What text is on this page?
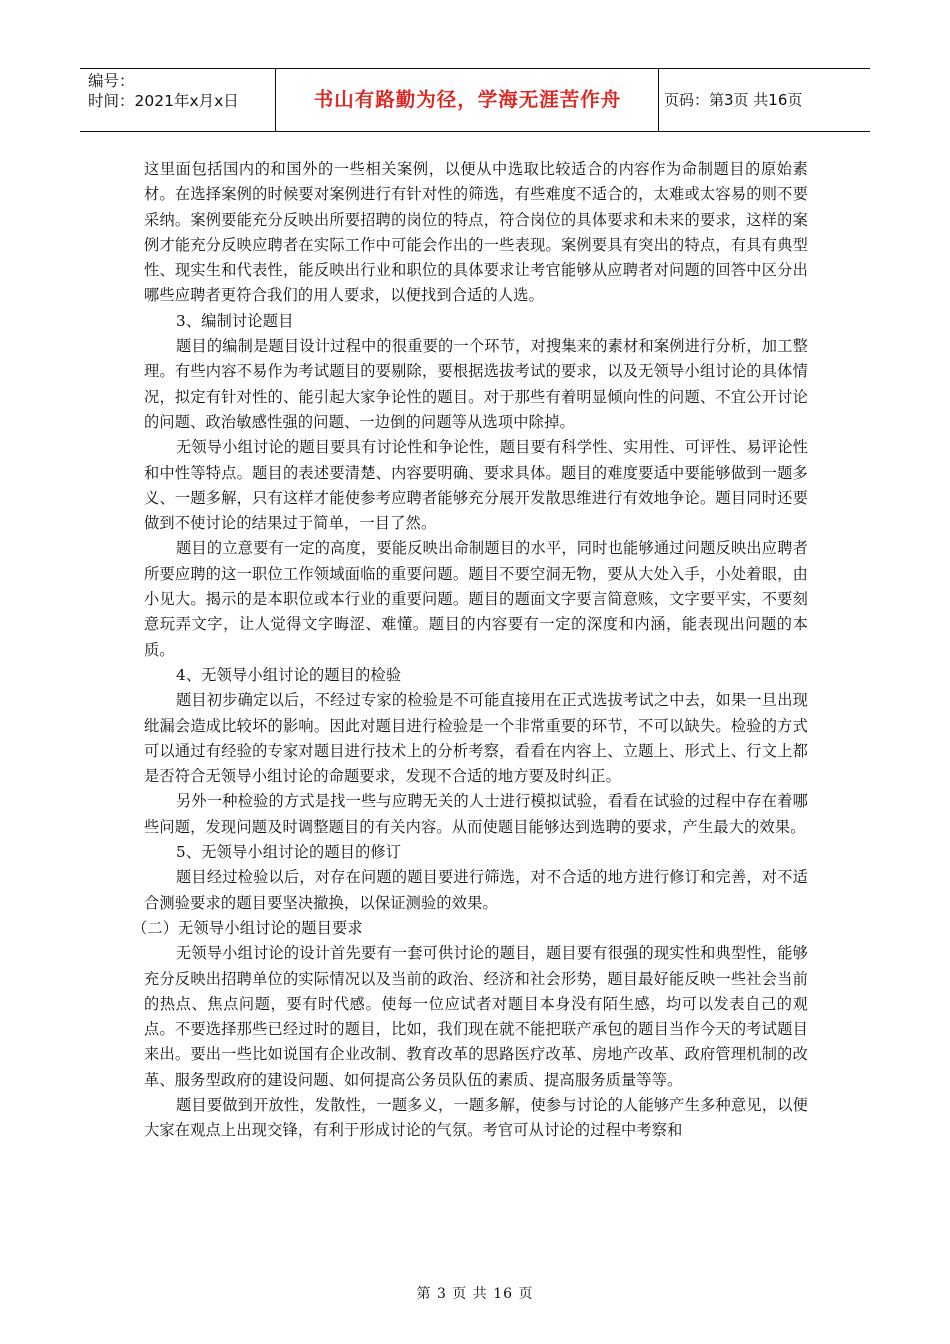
编号：
时间：2021年x月x日	书山有路勤为径，学海无涯苦作舟	页码：第3页 共16页

这里面包括国内的和国外的一些相关案例，以便从中选取比较适合的内容作为命制题目的原始素材。在选择案例的时候要对案例进行有针对性的筛选，有些难度不适合的，太难或太容易的则不要采纳。案例要能充分反映出所要招聘的岗位的特点，符合岗位的具体要求和未来的要求，这样的案例才能充分反映应聘者在实际工作中可能会作出的一些表现。案例要具有突出的特点，有具有典型性、现实生和代表性，能反映出行业和职位的具体要求让考官能够从应聘者对问题的回答中区分出哪些应聘者更符合我们的用人要求，以便找到合适的人选。

3、编制讨论题目

题目的编制是题目设计过程中的很重要的一个环节，对搜集来的素材和案例进行分析，加工整理。有些内容不易作为考试题目的要剔除，要根据选拔考试的要求，以及无领导小组讨论的具体情况，拟定有针对性的、能引起大家争论性的题目。对于那些有着明显倾向性的问题、不宜公开讨论的问题、政治敏感性强的问题、一边倒的问题等从选项中除掉。

无领导小组讨论的题目要具有讨论性和争论性，题目要有科学性、实用性、可评性、易评论性和中性等特点。题目的表述要清楚、内容要明确、要求具体。题目的难度要适中要能够做到一题多义、一题多解，只有这样才能使参考应聘者能够充分展开发散思维进行有效地争论。题目同时还要做到不使讨论的结果过于简单，一目了然。

题目的立意要有一定的高度，要能反映出命制题目的水平，同时也能够通过问题反映出应聘者所要应聘的这一职位工作领域面临的重要问题。题目不要空洞无物，要从大处入手，小处着眼，由小见大。揭示的是本职位或本行业的重要问题。题目的题面文字要言简意赅，文字要平实，不要刻意玩弄文字，让人觉得文字晦涩、难懂。题目的内容要有一定的深度和内涵，能表现出问题的本质。

4、无领导小组讨论的题目的检验

题目初步确定以后，不经过专家的检验是不可能直接用在正式选拔考试之中去，如果一旦出现纰漏会造成比较坏的影响。因此对题目进行检验是一个非常重要的环节，不可以缺失。检验的方式可以通过有经验的专家对题目进行技术上的分析考察，看看在内容上、立题上、形式上、行文上都是否符合无领导小组讨论的命题要求，发现不合适的地方要及时纠正。

另外一种检验的方式是找一些与应聘无关的人士进行模拟试验，看看在试验的过程中存在着哪些问题，发现问题及时调整题目的有关内容。从而使题目能够达到选聘的要求，产生最大的效果。

5、无领导小组讨论的题目的修订

题目经过检验以后，对存在问题的题目要进行筛选，对不合适的地方进行修订和完善，对不适合测验要求的题目要坚决撤换，以保证测验的效果。

（二）无领导小组讨论的题目要求

无领导小组讨论的设计首先要有一套可供讨论的题目，题目要有很强的现实性和典型性，能够充分反映出招聘单位的实际情况以及当前的政治、经济和社会形势，题目最好能反映一些社会当前的热点、焦点问题，要有时代感。使每一位应试者对题目本身没有陌生感，均可以发表自己的观点。不要选择那些已经过时的题目，比如，我们现在就不能把联产承包的题目当作今天的考试题目来出。要出一些比如说国有企业改制、教育改革的思路医疗改革、房地产改革、政府管理机制的改革、服务型政府的建设问题、如何提高公务员队伍的素质、提高服务质量等等。

题目要做到开放性，发散性，一题多义，一题多解，使参与讨论的人能够产生多种意见，以便大家在观点上出现交锋，有利于形成讨论的气氛。考官可从讨论的过程中考察和

第 3 页 共 16 页
